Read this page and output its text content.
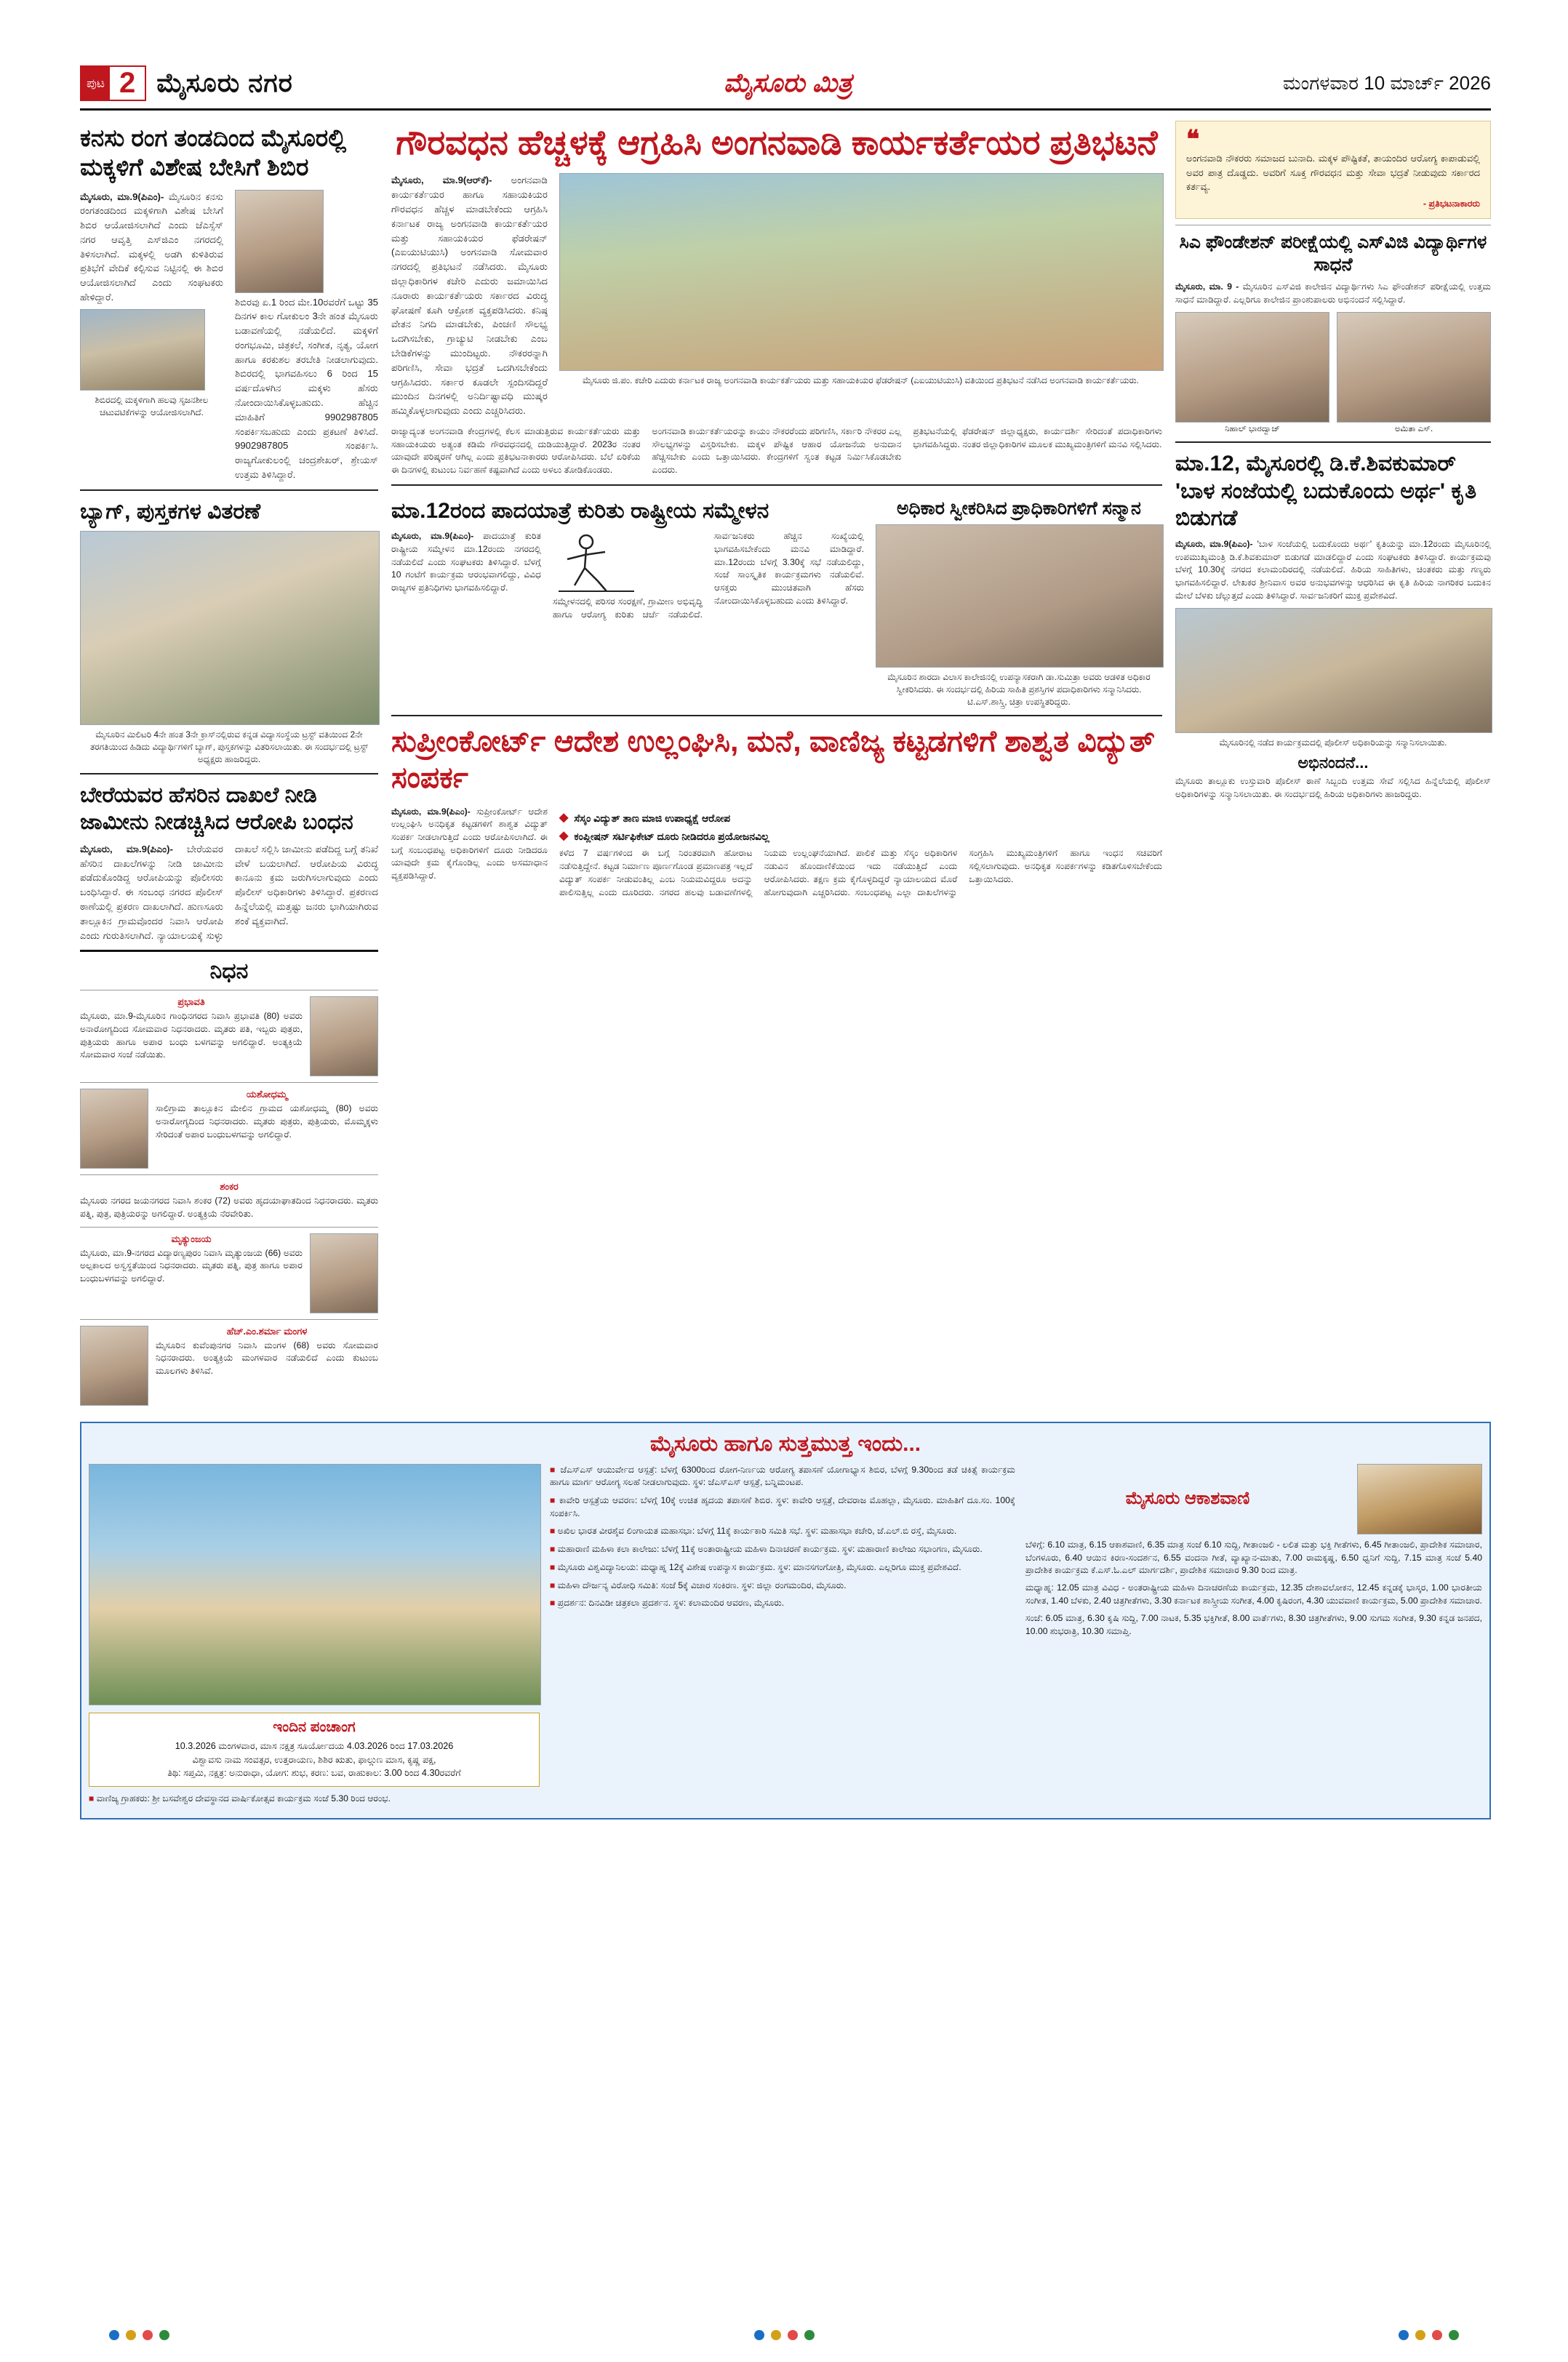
ಪುಟ 2 ಮೈಸೂರು ನಗರ	ಮೈಸೂರು ಮಿತ್ರ	ಮಂಗಳವಾರ 10 ಮಾರ್ಚ್ 2026
ಕನಸು ರಂಗ ತಂಡದಿಂದ ಮೈಸೂರಲ್ಲಿ ಮಕ್ಕಳಿಗೆ ವಿಶೇಷ ಬೇಸಿಗೆ ಶಿಬಿರ
ಮೈಸೂರು, ಮಾ.9(ಪಿಎಂ)- ಮೈಸೂರಿನ ಕನಸು ರಂಗತಂಡದಿಂದ ಮಕ್ಕಳಿಗಾಗಿ ವಿಶೇಷ ಬೇಸಿಗೆ ಶಿಬಿರ ಆಯೋಜಿಸಲಾಗಿದೆ ಎಂದು ಜೆಎಸ್ಸೆಸ್ ನಗರ ಆವೃತ್ತಿ ಎಸ್‌ಜಿಎಂ ನಗರದಲ್ಲಿ ತಿಳಿಸಲಾಗಿದೆ. ಮಕ್ಕಳಲ್ಲಿ ಅಡಗಿ ಕುಳಿತಿರುವ ಪ್ರತಿಭೆಗೆ ವೇದಿಕೆ ಕಲ್ಪಿಸುವ ನಿಟ್ಟಿನಲ್ಲಿ ಈ ಶಿಬಿರ ಆಯೋಜಿಸಲಾಗಿದೆ ಎಂದು ಸಂಘಟಕರು ಹೇಳಿದ್ದಾರೆ.
ಶಿಬಿರದಲ್ಲಿ ಮಕ್ಕಳಿಗಾಗಿ ಹಲವು ಸೃಜನಶೀಲ ಚಟುವಟಿಕೆಗಳನ್ನು ಆಯೋಜಿಸಲಾಗಿದೆ.
ಶಿಬಿರವು ಏ.1 ರಿಂದ ಮೇ.10ರವರೆಗೆ ಒಟ್ಟು 35 ದಿನಗಳ ಕಾಲ ಗೋಕುಲಂ 3ನೇ ಹಂತ ಮೈಸೂರು ಬಡಾವಣೆಯಲ್ಲಿ ನಡೆಯಲಿದೆ. ಮಕ್ಕಳಿಗೆ ರಂಗಭೂಮಿ, ಚಿತ್ರಕಲೆ, ಸಂಗೀತ, ನೃತ್ಯ, ಯೋಗ ಹಾಗೂ ಕರಕುಶಲ ತರಬೇತಿ ನೀಡಲಾಗುವುದು. ಶಿಬಿರದಲ್ಲಿ ಭಾಗವಹಿಸಲು 6 ರಿಂದ 15 ವರ್ಷದೊಳಗಿನ ಮಕ್ಕಳು ಹೆಸರು ನೋಂದಾಯಿಸಿಕೊಳ್ಳಬಹುದು. ಹೆಚ್ಚಿನ ಮಾಹಿತಿಗೆ 9902987805 ಸಂಪರ್ಕಿಸಬಹುದು ಎಂದು ಪ್ರಕಟಣೆ ತಿಳಿಸಿದೆ. 9902987805 ಸಂಪರ್ಕಿಸಿ. ರಾಜ್ಯಗೋಕುಲಂಲ್ಲಿ ಚಂದ್ರಶೇಖರ್, ಶ್ರೇಯಸ್ ಉತ್ತಮ ತಿಳಿಸಿದ್ದಾರೆ.
ಬ್ಯಾಗ್, ಪುಸ್ತಕಗಳ ವಿತರಣೆ
ಮೈಸೂರಿನ ಮಿಲಿಟರಿ 4ನೇ ಹಂತ 3ನೇ ಕ್ರಾಸ್‌ನಲ್ಲಿರುವ ಕನ್ನಡ ವಿದ್ಯಾಸಂಸ್ಥೆಯ ಟ್ರಸ್ಟ್ ವತಿಯಿಂದ 2ನೇ ತರಗತಿಯಿಂದ ಹಿಡಿದು ವಿದ್ಯಾರ್ಥಿಗಳಿಗೆ ಬ್ಯಾಗ್, ಪುಸ್ತಕಗಳನ್ನು ವಿತರಿಸಲಾಯಿತು. ಈ ಸಂದರ್ಭದಲ್ಲಿ ಟ್ರಸ್ಟ್ ಅಧ್ಯಕ್ಷರು ಹಾಜರಿದ್ದರು.
ಬೇರೆಯವರ ಹೆಸರಿನ ದಾಖಲೆ ನೀಡಿ ಜಾಮೀನು ನೀಡಚ್ಚಿಸಿದ ಆರೋಪಿ ಬಂಧನ
ಮೈಸೂರು, ಮಾ.9(ಪಿಎಂ)- ಬೇರೆಯವರ ಹೆಸರಿನ ದಾಖಲೆಗಳನ್ನು ನೀಡಿ ಜಾಮೀನು ಪಡೆದುಕೊಂಡಿದ್ದ ಆರೋಪಿಯನ್ನು ಪೊಲೀಸರು ಬಂಧಿಸಿದ್ದಾರೆ. ಈ ಸಂಬಂಧ ನಗರದ ಪೊಲೀಸ್ ಠಾಣೆಯಲ್ಲಿ ಪ್ರಕರಣ ದಾಖಲಾಗಿದೆ. ಹುಣಸೂರು ತಾಲ್ಲೂಕಿನ ಗ್ರಾಮವೊಂದರ ನಿವಾಸಿ ಆರೋಪಿ ಎಂದು ಗುರುತಿಸಲಾಗಿದೆ. ನ್ಯಾಯಾಲಯಕ್ಕೆ ಸುಳ್ಳು ದಾಖಲೆ ಸಲ್ಲಿಸಿ ಜಾಮೀನು ಪಡೆದಿದ್ದ ಬಗ್ಗೆ ತನಿಖೆ ವೇಳೆ ಬಯಲಾಗಿದೆ. ಆರೋಪಿಯ ವಿರುದ್ಧ ಕಾನೂನು ಕ್ರಮ ಜರುಗಿಸಲಾಗುವುದು ಎಂದು ಪೊಲೀಸ್ ಅಧಿಕಾರಿಗಳು ತಿಳಿಸಿದ್ದಾರೆ. ಪ್ರಕರಣದ ಹಿನ್ನೆಲೆಯಲ್ಲಿ ಮತ್ತಷ್ಟು ಜನರು ಭಾಗಿಯಾಗಿರುವ ಶಂಕೆ ವ್ಯಕ್ತವಾಗಿದೆ.
ನಿಧನ
ಪ್ರಭಾವತಿ
ಮೈಸೂರು, ಮಾ.9-ಮೈಸೂರಿನ ಗಾಂಧಿನಗರದ ನಿವಾಸಿ ಪ್ರಭಾವತಿ (80) ಅವರು ಅನಾರೋಗ್ಯದಿಂದ ಸೋಮವಾರ ನಿಧನರಾದರು. ಮೃತರು ಪತಿ, ಇಬ್ಬರು ಪುತ್ರರು, ಪುತ್ರಿಯರು ಹಾಗೂ ಅಪಾರ ಬಂಧು ಬಳಗವನ್ನು ಅಗಲಿದ್ದಾರೆ. ಅಂತ್ಯಕ್ರಿಯೆ ಸೋಮವಾರ ಸಂಜೆ ನಡೆಯಿತು.
ಯಶೋಧಮ್ಮ
ಸಾಲಿಗ್ರಾಮ ತಾಲ್ಲೂಕಿನ ಮೇಲಿನ ಗ್ರಾಮದ ಯಶೋಧಮ್ಮ (80) ಅವರು ಅನಾರೋಗ್ಯದಿಂದ ನಿಧನರಾದರು. ಮೃತರು ಪುತ್ರರು, ಪುತ್ರಿಯರು, ಮೊಮ್ಮಕ್ಕಳು ಸೇರಿದಂತೆ ಅಪಾರ ಬಂಧುಬಳಗವನ್ನು ಅಗಲಿದ್ದಾರೆ.
ಶಂಕರ
ಮೈಸೂರು ನಗರದ ಜಯನಗರದ ನಿವಾಸಿ ಶಂಕರ (72) ಅವರು ಹೃದಯಾಘಾತದಿಂದ ನಿಧನರಾದರು. ಮೃತರು ಪತ್ನಿ, ಪುತ್ರ, ಪುತ್ರಿಯರನ್ನು ಅಗಲಿದ್ದಾರೆ. ಅಂತ್ಯಕ್ರಿಯೆ ನೆರವೇರಿತು.
ಮೃತ್ಯುಂಜಯ
ಮೈಸೂರು, ಮಾ.9-ನಗರದ ವಿದ್ಯಾರಣ್ಯಪುರಂ ನಿವಾಸಿ ಮೃತ್ಯುಂಜಯ (66) ಅವರು ಅಲ್ಪಕಾಲದ ಅಸ್ವಸ್ಥತೆಯಿಂದ ನಿಧನರಾದರು. ಮೃತರು ಪತ್ನಿ, ಪುತ್ರ ಹಾಗೂ ಅಪಾರ ಬಂಧುಬಳಗವನ್ನು ಅಗಲಿದ್ದಾರೆ.
ಹೆಚ್.ಎಂ.ಶರ್ಮಾ ಮಂಗಳ
ಮೈಸೂರಿನ ಕುವೆಂಪುನಗರ ನಿವಾಸಿ ಮಂಗಳ (68) ಅವರು ಸೋಮವಾರ ನಿಧನರಾದರು. ಅಂತ್ಯಕ್ರಿಯೆ ಮಂಗಳವಾರ ನಡೆಯಲಿದೆ ಎಂದು ಕುಟುಂಬ ಮೂಲಗಳು ತಿಳಿಸಿವೆ.
ಗೌರವಧನ ಹೆಚ್ಚಳಕ್ಕೆ ಆಗ್ರಹಿಸಿ ಅಂಗನವಾಡಿ ಕಾರ್ಯಕರ್ತೆಯರ ಪ್ರತಿಭಟನೆ
ಮೈಸೂರು, ಮಾ.9(ಆರ್‌ಕೆ)- ಅಂಗನವಾಡಿ ಕಾರ್ಯಕರ್ತೆಯರ ಹಾಗೂ ಸಹಾಯಕಿಯರ ಗೌರವಧನ ಹೆಚ್ಚಳ ಮಾಡಬೇಕೆಂದು ಆಗ್ರಹಿಸಿ ಕರ್ನಾಟಕ ರಾಜ್ಯ ಅಂಗನವಾಡಿ ಕಾರ್ಯಕರ್ತೆಯರ ಮತ್ತು ಸಹಾಯಕಿಯರ ಫೆಡರೇಷನ್ (ಎಐಯುಟಿಯುಸಿ) ಅಂಗನವಾಡಿ ಸೋಮವಾರ ನಗರದಲ್ಲಿ ಪ್ರತಿಭಟನೆ ನಡೆಸಿದರು. ಮೈಸೂರು ಜಿಲ್ಲಾಧಿಕಾರಿಗಳ ಕಚೇರಿ ಎದುರು ಜಮಾಯಿಸಿದ ನೂರಾರು ಕಾರ್ಯಕರ್ತೆಯರು ಸರ್ಕಾರದ ವಿರುದ್ಧ ಘೋಷಣೆ ಕೂಗಿ ಆಕ್ರೋಶ ವ್ಯಕ್ತಪಡಿಸಿದರು. ಕನಿಷ್ಠ ವೇತನ ನಿಗದಿ ಮಾಡಬೇಕು, ಪಿಂಚಣಿ ಸೌಲಭ್ಯ ಒದಗಿಸಬೇಕು, ಗ್ರಾಚ್ಯುಟಿ ನೀಡಬೇಕು ಎಂಬ ಬೇಡಿಕೆಗಳನ್ನು ಮುಂದಿಟ್ಟರು. ನೌಕರರನ್ನಾಗಿ ಪರಿಗಣಿಸಿ, ಸೇವಾ ಭದ್ರತೆ ಒದಗಿಸಬೇಕೆಂದು ಆಗ್ರಹಿಸಿದರು. ಸರ್ಕಾರ ಕೂಡಲೇ ಸ್ಪಂದಿಸದಿದ್ದರೆ ಮುಂದಿನ ದಿನಗಳಲ್ಲಿ ಅನಿರ್ದಿಷ್ಟಾವಧಿ ಮುಷ್ಕರ ಹಮ್ಮಿಕೊಳ್ಳಲಾಗುವುದು ಎಂದು ಎಚ್ಚರಿಸಿದರು.
ಮೈಸೂರು ಜಿ.ಪಂ. ಕಚೇರಿ ಎದುರು ಕರ್ನಾಟಕ ರಾಜ್ಯ ಅಂಗನವಾಡಿ ಕಾರ್ಯಕರ್ತೆಯರು ಮತ್ತು ಸಹಾಯಕಿಯರ ಫೆಡರೇಷನ್ (ಎಐಯುಟಿಯುಸಿ) ವತಿಯಿಂದ ಪ್ರತಿಭಟನೆ ನಡೆಸಿದ ಅಂಗನವಾಡಿ ಕಾರ್ಯಕರ್ತೆಯರು.
ರಾಜ್ಯಾದ್ಯಂತ ಅಂಗನವಾಡಿ ಕೇಂದ್ರಗಳಲ್ಲಿ ಕೆಲಸ ಮಾಡುತ್ತಿರುವ ಕಾರ್ಯಕರ್ತೆಯರು ಮತ್ತು ಸಹಾಯಕಿಯರು ಅತ್ಯಂತ ಕಡಿಮೆ ಗೌರವಧನದಲ್ಲಿ ದುಡಿಯುತ್ತಿದ್ದಾರೆ. 2023ರ ನಂತರ ಯಾವುದೇ ಪರಿಷ್ಕರಣೆ ಆಗಿಲ್ಲ ಎಂದು ಪ್ರತಿಭಟನಾಕಾರರು ಆರೋಪಿಸಿದರು. ಬೆಲೆ ಏರಿಕೆಯ ಈ ದಿನಗಳಲ್ಲಿ ಕುಟುಂಬ ನಿರ್ವಹಣೆ ಕಷ್ಟವಾಗಿದೆ ಎಂದು ಅಳಲು ತೋಡಿಕೊಂಡರು.
ಅಂಗನವಾಡಿ ಕಾರ್ಯಕರ್ತೆಯರನ್ನು ಕಾಯಂ ನೌಕರರೆಂದು ಪರಿಗಣಿಸಿ, ಸರ್ಕಾರಿ ನೌಕರರ ಎಲ್ಲ ಸೌಲಭ್ಯಗಳನ್ನು ವಿಸ್ತರಿಸಬೇಕು. ಮಕ್ಕಳ ಪೌಷ್ಟಿಕ ಆಹಾರ ಯೋಜನೆಯ ಅನುದಾನ ಹೆಚ್ಚಿಸಬೇಕು ಎಂದು ಒತ್ತಾಯಿಸಿದರು. ಕೇಂದ್ರಗಳಿಗೆ ಸ್ವಂತ ಕಟ್ಟಡ ನಿರ್ಮಿಸಿಕೊಡಬೇಕು ಎಂದರು.
ಪ್ರತಿಭಟನೆಯಲ್ಲಿ ಫೆಡರೇಷನ್ ಜಿಲ್ಲಾಧ್ಯಕ್ಷರು, ಕಾರ್ಯದರ್ಶಿ ಸೇರಿದಂತೆ ಪದಾಧಿಕಾರಿಗಳು ಭಾಗವಹಿಸಿದ್ದರು. ನಂತರ ಜಿಲ್ಲಾಧಿಕಾರಿಗಳ ಮೂಲಕ ಮುಖ್ಯಮಂತ್ರಿಗಳಿಗೆ ಮನವಿ ಸಲ್ಲಿಸಿದರು.
ಮಾ.12ರಂದ ಪಾದಯಾತ್ರೆ ಕುರಿತು ರಾಷ್ಟ್ರೀಯ ಸಮ್ಮೇಳನ
ಮೈಸೂರು, ಮಾ.9(ಪಿಎಂ)- ಪಾದಯಾತ್ರೆ ಕುರಿತ ರಾಷ್ಟ್ರೀಯ ಸಮ್ಮೇಳನ ಮಾ.12ರಂದು ನಗರದಲ್ಲಿ ನಡೆಯಲಿದೆ ಎಂದು ಸಂಘಟಕರು ತಿಳಿಸಿದ್ದಾರೆ. ಬೆಳಗ್ಗೆ 10 ಗಂಟೆಗೆ ಕಾರ್ಯಕ್ರಮ ಆರಂಭವಾಗಲಿದ್ದು, ವಿವಿಧ ರಾಜ್ಯಗಳ ಪ್ರತಿನಿಧಿಗಳು ಭಾಗವಹಿಸಲಿದ್ದಾರೆ.
ಸಮ್ಮೇಳನದಲ್ಲಿ ಪರಿಸರ ಸಂರಕ್ಷಣೆ, ಗ್ರಾಮೀಣ ಅಭಿವೃದ್ಧಿ ಹಾಗೂ ಆರೋಗ್ಯ ಕುರಿತು ಚರ್ಚೆ ನಡೆಯಲಿದೆ. ಸಾರ್ವಜನಿಕರು ಹೆಚ್ಚಿನ ಸಂಖ್ಯೆಯಲ್ಲಿ ಭಾಗವಹಿಸಬೇಕೆಂದು ಮನವಿ ಮಾಡಿದ್ದಾರೆ. ಮಾ.12ರಂದು ಬೆಳಗ್ಗೆ 3.30ಕ್ಕೆ ಸಭೆ ನಡೆಯಲಿದ್ದು, ಸಂಜೆ ಸಾಂಸ್ಕೃತಿಕ ಕಾರ್ಯಕ್ರಮಗಳು ನಡೆಯಲಿವೆ. ಆಸಕ್ತರು ಮುಂಚಿತವಾಗಿ ಹೆಸರು ನೋಂದಾಯಿಸಿಕೊಳ್ಳಬಹುದು ಎಂದು ತಿಳಿಸಿದ್ದಾರೆ.
ಅಧಿಕಾರ ಸ್ವೀಕರಿಸಿದ ಪ್ರಾಧಿಕಾರಿಗಳಿಗೆ ಸನ್ಮಾನ
ಮೈಸೂರಿನ ಶಾರದಾ ವಿಲಾಸ ಕಾಲೇಜಿನಲ್ಲಿ ಉಪನ್ಯಾಸಕರಾಗಿ ಡಾ.ಸುಮಿತ್ರಾ ಅವರು ಆಡಳಿತ ಅಧಿಕಾರ ಸ್ವೀಕರಿಸಿದರು. ಈ ಸಂದರ್ಭದಲ್ಲಿ ಹಿರಿಯ ಸಾಹಿತಿ ಪ್ರಶಸ್ತಿಗಳ ಪದಾಧಿಕಾರಿಗಳು ಸನ್ಮಾನಿಸಿದರು. ಟಿ.ಎಸ್.ಶಾಸ್ತ್ರಿ, ಚಿತ್ರಾ ಉಪಸ್ಥಿತರಿದ್ದರು.
ಸುಪ್ರೀಂಕೋರ್ಟ್ ಆದೇಶ ಉಲ್ಲಂಘಿಸಿ, ಮನೆ, ವಾಣಿಜ್ಯ ಕಟ್ಟಡಗಳಿಗೆ ಶಾಶ್ವತ ವಿದ್ಯುತ್ ಸಂಪರ್ಕ
ಮೈಸೂರು, ಮಾ.9(ಪಿಎಂ)- ಸುಪ್ರೀಂಕೋರ್ಟ್ ಆದೇಶ ಉಲ್ಲಂಘಿಸಿ ಅನಧಿಕೃತ ಕಟ್ಟಡಗಳಿಗೆ ಶಾಶ್ವತ ವಿದ್ಯುತ್ ಸಂಪರ್ಕ ನೀಡಲಾಗುತ್ತಿದೆ ಎಂದು ಆರೋಪಿಸಲಾಗಿದೆ. ಈ ಬಗ್ಗೆ ಸಂಬಂಧಪಟ್ಟ ಅಧಿಕಾರಿಗಳಿಗೆ ದೂರು ನೀಡಿದರೂ ಯಾವುದೇ ಕ್ರಮ ಕೈಗೊಂಡಿಲ್ಲ ಎಂದು ಅಸಮಾಧಾನ ವ್ಯಕ್ತಪಡಿಸಿದ್ದಾರೆ.
◆ ಸೆಸ್ಕಂ ವಿದ್ಯುತ್ ತಾಣ ಮಾಜಿ ಉಪಾಧ್ಯಕ್ಷೆ ಆರೋಪ
◆ ಕಂಪ್ಲೀಷನ್ ಸರ್ಟಿಫಿಕೇಟ್ ದೂರು ನೀಡಿದರೂ ಪ್ರಯೋಜನವಿಲ್ಲ
ಕಳೆದ 7 ವರ್ಷಗಳಿಂದ ಈ ಬಗ್ಗೆ ನಿರಂತರವಾಗಿ ಹೋರಾಟ ನಡೆಸುತ್ತಿದ್ದೇನೆ. ಕಟ್ಟಡ ನಿರ್ಮಾಣ ಪೂರ್ಣಗೊಂಡ ಪ್ರಮಾಣಪತ್ರ ಇಲ್ಲದೆ ವಿದ್ಯುತ್ ಸಂಪರ್ಕ ನೀಡುವಂತಿಲ್ಲ ಎಂಬ ನಿಯಮವಿದ್ದರೂ ಅದನ್ನು ಪಾಲಿಸುತ್ತಿಲ್ಲ ಎಂದು ದೂರಿದರು. ನಗರದ ಹಲವು ಬಡಾವಣೆಗಳಲ್ಲಿ ನಿಯಮ ಉಲ್ಲಂಘನೆಯಾಗಿದೆ. ಪಾಲಿಕೆ ಮತ್ತು ಸೆಸ್ಕಂ ಅಧಿಕಾರಿಗಳ ನಡುವಿನ ಹೊಂದಾಣಿಕೆಯಿಂದ ಇದು ನಡೆಯುತ್ತಿದೆ ಎಂದು ಆರೋಪಿಸಿದರು. ತಕ್ಷಣ ಕ್ರಮ ಕೈಗೊಳ್ಳದಿದ್ದರೆ ನ್ಯಾಯಾಲಯದ ಮೊರೆ ಹೋಗುವುದಾಗಿ ಎಚ್ಚರಿಸಿದರು. ಸಂಬಂಧಪಟ್ಟ ಎಲ್ಲಾ ದಾಖಲೆಗಳನ್ನು ಸಂಗ್ರಹಿಸಿ ಮುಖ್ಯಮಂತ್ರಿಗಳಿಗೆ ಹಾಗೂ ಇಂಧನ ಸಚಿವರಿಗೆ ಸಲ್ಲಿಸಲಾಗುವುದು. ಅನಧಿಕೃತ ಸಂಪರ್ಕಗಳನ್ನು ಕಡಿತಗೊಳಿಸಬೇಕೆಂದು ಒತ್ತಾಯಿಸಿದರು.
❝
ಅಂಗನವಾಡಿ ನೌಕರರು ಸಮಾಜದ ಬುನಾದಿ. ಮಕ್ಕಳ ಪೌಷ್ಟಿಕತೆ, ತಾಯಂದಿರ ಆರೋಗ್ಯ ಕಾಪಾಡುವಲ್ಲಿ ಅವರ ಪಾತ್ರ ದೊಡ್ಡದು. ಅವರಿಗೆ ಸೂಕ್ತ ಗೌರವಧನ ಮತ್ತು ಸೇವಾ ಭದ್ರತೆ ನೀಡುವುದು ಸರ್ಕಾರದ ಕರ್ತವ್ಯ.
- ಪ್ರತಿಭಟನಾಕಾರರು
ಸಿಎ ಫೌಂಡೇಶನ್ ಪರೀಕ್ಷೆಯಲ್ಲಿ ಎಸ್‌ವಿಜಿ ವಿದ್ಯಾರ್ಥಿಗಳ ಸಾಧನೆ
ಮೈಸೂರು, ಮಾ. 9 - ಮೈಸೂರಿನ ಎಸ್‌ವಿಜಿ ಕಾಲೇಜಿನ ವಿದ್ಯಾರ್ಥಿಗಳು ಸಿಎ ಫೌಂಡೇಶನ್ ಪರೀಕ್ಷೆಯಲ್ಲಿ ಉತ್ತಮ ಸಾಧನೆ ಮಾಡಿದ್ದಾರೆ. ಎಲ್ಲರಿಗೂ ಕಾಲೇಜಿನ ಪ್ರಾಂಶುಪಾಲರು ಅಭಿನಂದನೆ ಸಲ್ಲಿಸಿದ್ದಾರೆ.
ನಿಹಾಲ್ ಭಾರದ್ವಾಜ್	ಅಮಿತಾ ಎಸ್.
ಮಾ.12, ಮೈಸೂರಲ್ಲಿ ಡಿ.ಕೆ.ಶಿವಕುಮಾರ್ 'ಬಾಳ ಸಂಜೆಯಲ್ಲಿ ಬದುಕೊಂದು ಅರ್ಥ' ಕೃತಿ ಬಿಡುಗಡೆ
ಮೈಸೂರು, ಮಾ.9(ಪಿಎಂ)- 'ಬಾಳ ಸಂಜೆಯಲ್ಲಿ ಬದುಕೊಂದು ಅರ್ಥ' ಕೃತಿಯನ್ನು ಮಾ.12ರಂದು ಮೈಸೂರಿನಲ್ಲಿ ಉಪಮುಖ್ಯಮಂತ್ರಿ ಡಿ.ಕೆ.ಶಿವಕುಮಾರ್ ಬಿಡುಗಡೆ ಮಾಡಲಿದ್ದಾರೆ ಎಂದು ಸಂಘಟಕರು ತಿಳಿಸಿದ್ದಾರೆ. ಕಾರ್ಯಕ್ರಮವು ಬೆಳಗ್ಗೆ 10.30ಕ್ಕೆ ನಗರದ ಕಲಾಮಂದಿರದಲ್ಲಿ ನಡೆಯಲಿದೆ. ಹಿರಿಯ ಸಾಹಿತಿಗಳು, ಚಿಂತಕರು ಮತ್ತು ಗಣ್ಯರು ಭಾಗವಹಿಸಲಿದ್ದಾರೆ. ಲೇಖಕರ ಶ್ರೀನಿವಾಸ ಅವರ ಅನುಭವಗಳನ್ನು ಆಧರಿಸಿದ ಈ ಕೃತಿ ಹಿರಿಯ ನಾಗರಿಕರ ಬದುಕಿನ ಮೇಲೆ ಬೆಳಕು ಚೆಲ್ಲುತ್ತದೆ ಎಂದು ತಿಳಿಸಿದ್ದಾರೆ. ಸಾರ್ವಜನಿಕರಿಗೆ ಮುಕ್ತ ಪ್ರವೇಶವಿದೆ.
ಮೈಸೂರಿನಲ್ಲಿ ನಡೆದ ಕಾರ್ಯಕ್ರಮದಲ್ಲಿ ಪೊಲೀಸ್ ಅಧಿಕಾರಿಯನ್ನು ಸನ್ಮಾನಿಸಲಾಯಿತು.
ಅಭಿನಂದನೆ...
ಮೈಸೂರು ತಾಲ್ಲೂಕು ಉಸ್ತುವಾರಿ ಪೊಲೀಸ್ ಠಾಣೆ ಸಿಬ್ಬಂದಿ ಉತ್ತಮ ಸೇವೆ ಸಲ್ಲಿಸಿದ ಹಿನ್ನೆಲೆಯಲ್ಲಿ ಪೊಲೀಸ್ ಅಧಿಕಾರಿಗಳನ್ನು ಸನ್ಮಾನಿಸಲಾಯಿತು. ಈ ಸಂದರ್ಭದಲ್ಲಿ ಹಿರಿಯ ಅಧಿಕಾರಿಗಳು ಹಾಜರಿದ್ದರು.
ಮೈಸೂರು ಹಾಗೂ ಸುತ್ತಮುತ್ತ ಇಂದು...
ಇಂದಿನ ಪಂಚಾಂಗ
10.3.2026 ಮಂಗಳವಾರ, ಮಾಸ ನಕ್ಷತ್ರ ಸೂರ್ಯೋದಯ 4.03.2026 ರಿಂದ 17.03.2026
ವಿಶ್ವಾವಸು ನಾಮ ಸಂವತ್ಸರ, ಉತ್ತರಾಯಣ, ಶಿಶಿರ ಋತು, ಫಾಲ್ಗುಣ ಮಾಸ, ಕೃಷ್ಣ ಪಕ್ಷ,
ತಿಥಿ: ಸಪ್ತಮಿ, ನಕ್ಷತ್ರ: ಅನುರಾಧಾ, ಯೋಗ: ಶುಭ, ಕರಣ: ಬವ, ರಾಹುಕಾಲ: 3.00 ರಿಂದ 4.30ರವರೆಗೆ
■ ಜೆಎಸ್ಎಸ್ ಆಯುರ್ವೇದ ಆಸ್ಪತ್ರೆ: ಬೆಳಗ್ಗೆ 6300ರಿಂದ ರೋಗ-ನಿರ್ಣಯ ಆರೋಗ್ಯ ತಪಾಸಣೆ ಯೋಗಾಭ್ಯಾಸ ಶಿಬಿರ, ಬೆಳಗ್ಗೆ 9.30ರಿಂದ ತಡೆ ಚಿಕಿತ್ಸೆ ಕಾರ್ಯಕ್ರಮ ಹಾಗೂ ಮಾರ್ಗ ಆರೋಗ್ಯ ಸಲಹೆ ನೀಡಲಾಗುವುದು. ಸ್ಥಳ: ಜೆಎಸ್ಎಸ್ ಆಸ್ಪತ್ರೆ, ಬನ್ನಿಮಂಟಪ.
■ ಕಾವೇರಿ ಆಸ್ಪತ್ರೆಯ ಆವರಣ: ಬೆಳಗ್ಗೆ 10ಕ್ಕೆ ಉಚಿತ ಹೃದಯ ತಪಾಸಣೆ ಶಿಬಿರ. ಸ್ಥಳ: ಕಾವೇರಿ ಆಸ್ಪತ್ರೆ, ದೇವರಾಜ ಮೊಹಲ್ಲಾ, ಮೈಸೂರು. ಮಾಹಿತಿಗೆ ದೂ.ಸಂ. 100ಕ್ಕೆ ಸಂಪರ್ಕಿಸಿ.
■ ಅಖಿಲ ಭಾರತ ವೀರಶೈವ ಲಿಂಗಾಯತ ಮಹಾಸಭಾ: ಬೆಳಗ್ಗೆ 11ಕ್ಕೆ ಕಾರ್ಯಕಾರಿ ಸಮಿತಿ ಸಭೆ. ಸ್ಥಳ: ಮಹಾಸಭಾ ಕಚೇರಿ, ಜೆ.ಎಲ್.ಬಿ ರಸ್ತೆ, ಮೈಸೂರು.
■ ಮಹಾರಾಣಿ ಮಹಿಳಾ ಕಲಾ ಕಾಲೇಜು: ಬೆಳಗ್ಗೆ 11ಕ್ಕೆ ಅಂತಾರಾಷ್ಟ್ರೀಯ ಮಹಿಳಾ ದಿನಾಚರಣೆ ಕಾರ್ಯಕ್ರಮ. ಸ್ಥಳ: ಮಹಾರಾಣಿ ಕಾಲೇಜು ಸಭಾಂಗಣ, ಮೈಸೂರು.
■ ಮೈಸೂರು ವಿಶ್ವವಿದ್ಯಾನಿಲಯ: ಮಧ್ಯಾಹ್ನ 12ಕ್ಕೆ ವಿಶೇಷ ಉಪನ್ಯಾಸ ಕಾರ್ಯಕ್ರಮ. ಸ್ಥಳ: ಮಾನಸಗಂಗೋತ್ರಿ, ಮೈಸೂರು. ಎಲ್ಲರಿಗೂ ಮುಕ್ತ ಪ್ರವೇಶವಿದೆ.
■ ಮಹಿಳಾ ದೌರ್ಜನ್ಯ ವಿರೋಧಿ ಸಮಿತಿ: ಸಂಜೆ 5ಕ್ಕೆ ವಿಚಾರ ಸಂಕಿರಣ. ಸ್ಥಳ: ಜಿಲ್ಲಾ ರಂಗಮಂದಿರ, ಮೈಸೂರು.
■ ಪ್ರದರ್ಶನ: ದಿನವಿಡೀ ಚಿತ್ರಕಲಾ ಪ್ರದರ್ಶನ. ಸ್ಥಳ: ಕಲಾಮಂದಿರ ಆವರಣ, ಮೈಸೂರು.
ಮೈಸೂರು ಆಕಾಶವಾಣಿ
ಬೆಳಿಗ್ಗೆ: 6.10 ಮಾತ್ರ, 6.15 ಆಕಾಶವಾಣಿ, 6.35 ಮಾತ್ರ ಸಂಜೆ 6.10 ಸುದ್ದಿ, ಗೀತಾಂಜಲಿ - ಲಲಿತ ಮತ್ತು ಭಕ್ತಿ ಗೀತೆಗಳು, 6.45 ಗೀತಾಂಜಲಿ, ಪ್ರಾದೇಶಿಕ ಸಮಾಚಾರ, ಬೆಂಗಳೂರು, 6.40 ಆಯಿನ ಕಿರಣ-ಸಂದರ್ಶನ, 6.55 ವಂದನಾ ಗೀತೆ, ವ್ಯಾಖ್ಯಾನ-ಮಾತು, 7.00 ರಾಮಕೃಷ್ಣ, 6.50 ಧ್ವನಿಗೆ ಸುದ್ದಿ, 7.15 ಮಾತ್ರ ಸಂಜೆ 5.40 ಪ್ರಾದೇಶಿಕ ಕಾರ್ಯಕ್ರಮ ಕೆ.ಎಸ್.ಓ.ಎಲ್ ಮಾರ್ಗದರ್ಶಿ, ಪ್ರಾದೇಶಿಕ ಸಮಾಚಾರ 9.30 ರಿಂದ ಮಾತ್ರ.
ಮಧ್ಯಾಹ್ನ: 12.05 ಮಾತ್ರ ವಿವಿಧ - ಅಂತರಾಷ್ಟ್ರೀಯ ಮಹಿಳಾ ದಿನಾಚರಣೆಯ ಕಾರ್ಯಕ್ರಮ, 12.35 ದೇಶಾವಲೋಕನ, 12.45 ಕನ್ನಡಕ್ಕೆ ಭಾಸ್ಕರ, 1.00 ಭಾರತೀಯ ಸಂಗೀತ, 1.40 ಬೆಳಕು, 2.40 ಚಿತ್ರಗೀತೆಗಳು, 3.30 ಕರ್ನಾಟಕ ಶಾಸ್ತ್ರೀಯ ಸಂಗೀತ, 4.00 ಕೃಷಿರಂಗ, 4.30 ಯುವವಾಣಿ ಕಾರ್ಯಕ್ರಮ, 5.00 ಪ್ರಾದೇಶಿಕ ಸಮಾಚಾರ.
ಸಂಜೆ: 6.05 ಮಾತ್ರ, 6.30 ಕೃಷಿ ಸುದ್ದಿ, 7.00 ನಾಟಕ, 5.35 ಭಕ್ತಿಗೀತೆ, 8.00 ವಾರ್ತೆಗಳು, 8.30 ಚಿತ್ರಗೀತೆಗಳು, 9.00 ಸುಗಮ ಸಂಗೀತ, 9.30 ಕನ್ನಡ ಜನಪದ, 10.00 ಶುಭರಾತ್ರಿ, 10.30 ಸಮಾಪ್ತಿ.
■ ವಾಣಿಜ್ಯ ಗ್ರಾಹಕರು: ಶ್ರೀ ಬಸವೇಶ್ವರ ದೇವಸ್ಥಾನದ ವಾರ್ಷಿಕೋತ್ಸವ ಕಾರ್ಯಕ್ರಮ ಸಂಜೆ 5.30 ರಿಂದ ಆರಂಭ.
